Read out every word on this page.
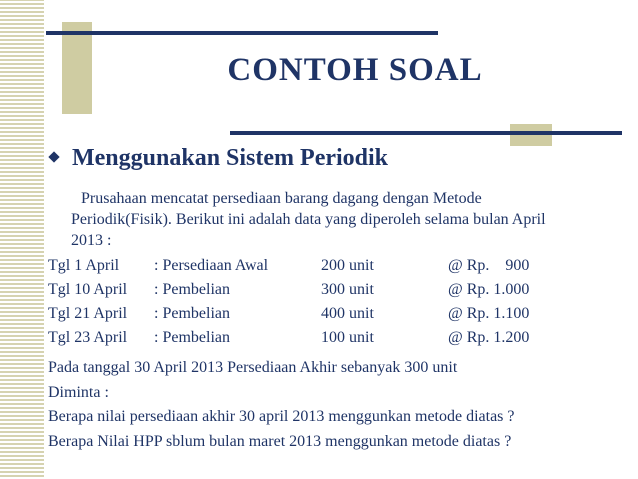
CONTOH SOAL
Menggunakan Sistem Periodik
Prusahaan mencatat persediaan barang dagang dengan Metode
Periodik(Fisik). Berikut ini adalah data yang diperoleh selama bulan April
2013 :
Tgl 1 April : Persediaan Awal	200 unit	@ Rp.    900
Tgl 10 April : Pembelian	300 unit	@ Rp. 1.000
Tgl 21 April : Pembelian	400 unit	@ Rp. 1.100
Tgl 23 April : Pembelian	100 unit	@ Rp. 1.200
Pada tanggal 30 April 2013 Persediaan Akhir sebanyak 300 unit
Diminta :
Berapa nilai persediaan akhir 30 april 2013 menggunkan metode diatas ?
Berapa Nilai HPP sblum bulan maret 2013 menggunkan metode diatas ?
